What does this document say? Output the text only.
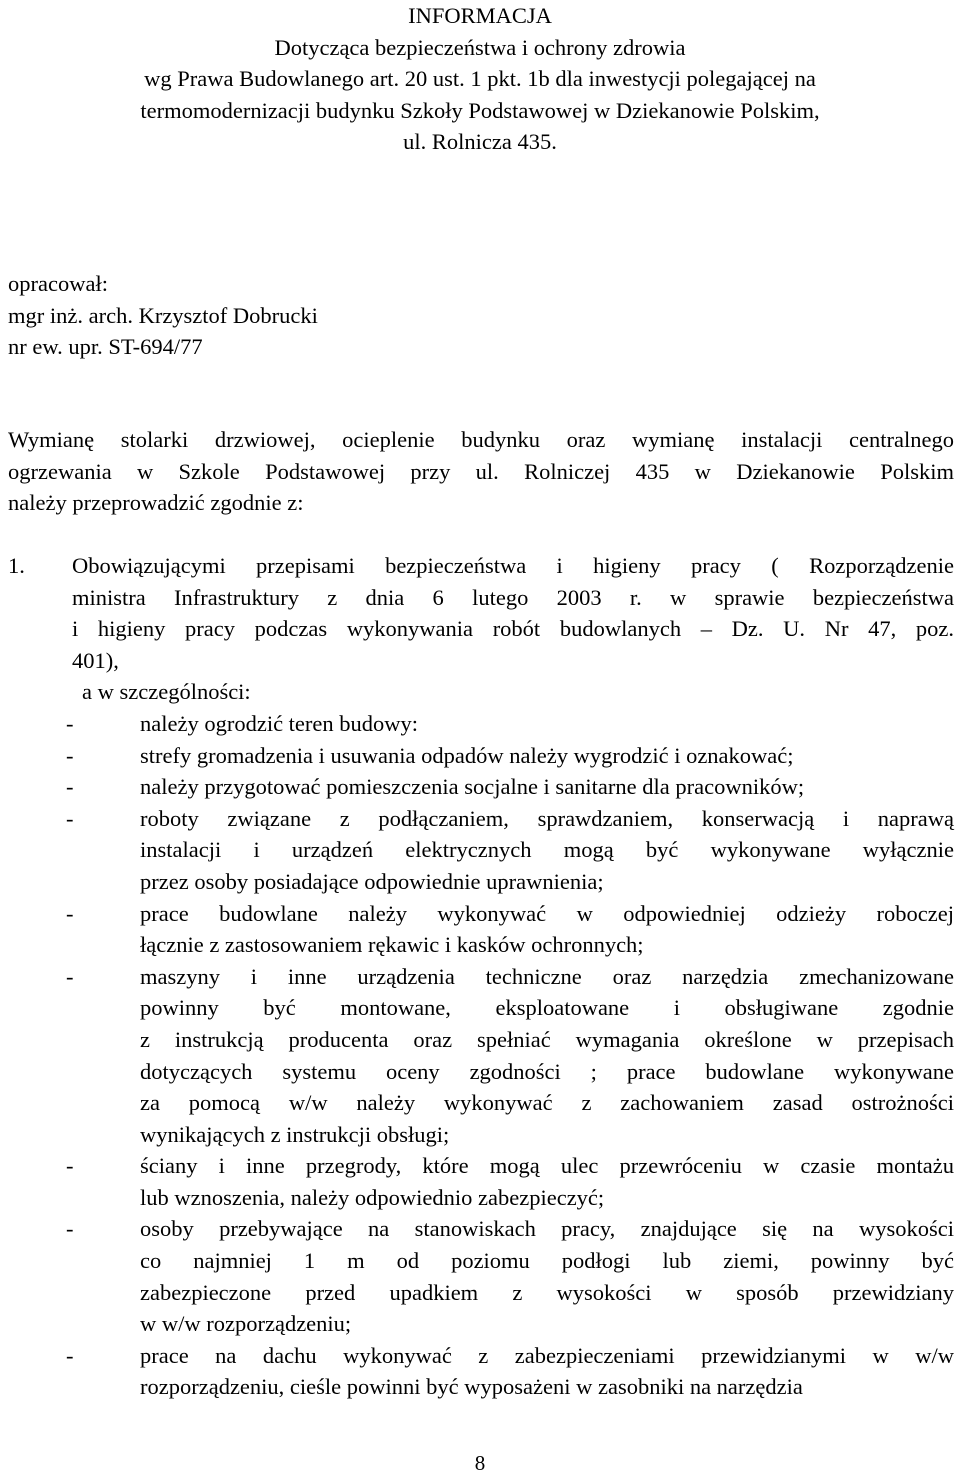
INFORMACJA
Dotycząca bezpieczeństwa i ochrony zdrowia
wg Prawa Budowlanego art. 20 ust. 1 pkt. 1b dla inwestycji polegającej na
termomodernizacji budynku Szkoły Podstawowej w Dziekanowie Polskim,
ul. Rolnicza 435.
opracował:
mgr inż. arch. Krzysztof Dobrucki
nr ew. upr. ST-694/77
Wymianę stolarki drzwiowej, ocieplenie budynku oraz wymianę instalacji centralnego
ogrzewania w Szkole Podstawowej przy ul. Rolniczej 435 w Dziekanowie Polskim
należy przeprowadzić zgodnie z:
1. Obowiązującymi przepisami bezpieczeństwa i higieny pracy ( Rozporządzenie
ministra Infrastruktury z dnia 6 lutego 2003 r. w sprawie bezpieczeństwa
i higieny pracy podczas wykonywania robót budowlanych – Dz. U. Nr 47, poz.
401),
a w szczególności:
-	należy ogrodzić teren budowy:
-	strefy gromadzenia i usuwania odpadów należy wygrodzić i oznakować;
-	należy przygotować pomieszczenia socjalne i sanitarne dla pracowników;
-	roboty związane z podłączaniem, sprawdzaniem, konserwacją i naprawą
instalacji i urządzeń elektrycznych mogą być wykonywane wyłącznie
przez osoby posiadające odpowiednie uprawnienia;
-	prace budowlane należy wykonywać w odpowiedniej odzieży roboczej
łącznie z zastosowaniem rękawic i kasków ochronnych;
-	maszyny i inne urządzenia techniczne oraz narzędzia zmechanizowane
powinny być montowane, eksploatowane i obsługiwane zgodnie
z instrukcją producenta oraz spełniać wymagania określone w przepisach
dotyczących systemu oceny zgodności ; prace budowlane wykonywane
za pomocą w/w należy wykonywać z zachowaniem zasad ostrożności
wynikających z instrukcji obsługi;
-	ściany i inne przegrody, które mogą ulec przewróceniu w czasie montażu
lub wznoszenia, należy odpowiednio zabezpieczyć;
-	osoby przebywające na stanowiskach pracy, znajdujące się na wysokości
co najmniej 1 m od poziomu podłogi lub ziemi, powinny być
zabezpieczone przed upadkiem z wysokości w sposób przewidziany
w w/w rozporządzeniu;
-	prace na dachu wykonywać z zabezpieczeniami przewidzianymi w w/w
rozporządzeniu, cieśle powinni być wyposażeni w zasobniki na narzędzia
8
